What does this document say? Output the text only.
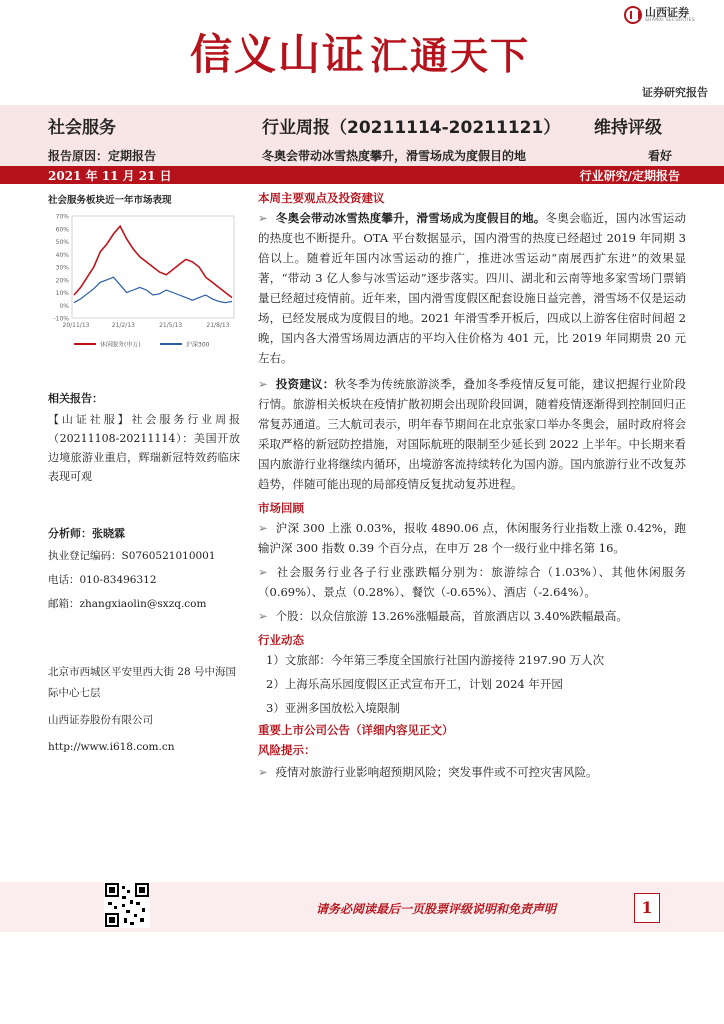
信义山证 汇通天下
山西证券
SHANXI SECURITIES
证券研究报告
社会服务	行业周报（20211114-20211121） 维持评级
报告原因：定期报告	冬奥会带动冰雪热度攀升，滑雪场成为度假目的地	看好
2021 年 11 月 21 日	行业研究/定期报告
社会服务板块近一年市场表现
70%
60%
50%
40%
30%
20%
10%
0%
-10%
20/11/13	21/2/13	21/5/13	21/8/13
休闲服务(申万)	沪深300
相关报告：
【山证社服】社会服务行业周报（20211108-20211114）：美国开放边境旅游业重启，辉瑞新冠特效药临床表现可观
分析师：张晓霖
执业登记编码：S0760521010001
电话：010-83496312
邮箱：zhangxiaolin@sxzq.com
北京市西城区平安里西大街 28 号中海国际中心七层
山西证券股份有限公司
http://www.i618.com.cn
本周主要观点及投资建议
➢ 冬奥会带动冰雪热度攀升，滑雪场成为度假目的地。冬奥会临近，国内冰雪运动的热度也不断提升。OTA 平台数据显示，国内滑雪的热度已经超过 2019 年同期 3 倍以上。随着近年国内冰雪运动的推广，推进冰雪运动“南展西扩东进”的效果显著，“带动 3 亿人参与冰雪运动”逐步落实。四川、湖北和云南等地多家雪场门票销量已经超过疫情前。近年来，国内滑雪度假区配套设施日益完善，滑雪场不仅是运动场，已经发展成为度假目的地。2021 年滑雪季开板后，四成以上游客住宿时间超 2 晚，国内各大滑雪场周边酒店的平均入住价格为 401 元，比 2019 年同期贵 20 元左右。
➢ 投资建议：秋冬季为传统旅游淡季，叠加冬季疫情反复可能，建议把握行业阶段行情。旅游相关板块在疫情扩散初期会出现阶段回调，随着疫情逐渐得到控制回归正常复苏通道。三大航司表示，明年春节期间在北京张家口举办冬奥会，届时政府将会采取严格的新冠防控措施，对国际航班的限制至少延长到 2022 上半年。中长期来看国内旅游行业将继续内循环，出境游客流持续转化为国内游。国内旅游行业不改复苏趋势，伴随可能出现的局部疫情反复扰动复苏进程。
市场回顾
➢ 沪深 300 上涨 0.03%，报收 4890.06 点，休闲服务行业指数上涨 0.42%，跑输沪深 300 指数 0.39 个百分点，在申万 28 个一级行业中排名第 16。
➢ 社会服务行业各子行业涨跌幅分别为：旅游综合（1.03%）、其他休闲服务（0.69%）、景点（0.28%）、餐饮（-0.65%）、酒店（-2.64%）。
➢ 个股：以众信旅游 13.26%涨幅最高，首旅酒店以 3.40%跌幅最高。
行业动态
1）文旅部：今年第三季度全国旅行社国内游接待 2197.90 万人次
2）上海乐高乐园度假区正式宣布开工，计划 2024 年开园
3）亚洲多国放松入境限制
重要上市公司公告（详细内容见正文）
风险提示：
➢ 疫情对旅游行业影响超预期风险；突发事件或不可控灾害风险。
请务必阅读最后一页股票评级说明和免责声明	1
